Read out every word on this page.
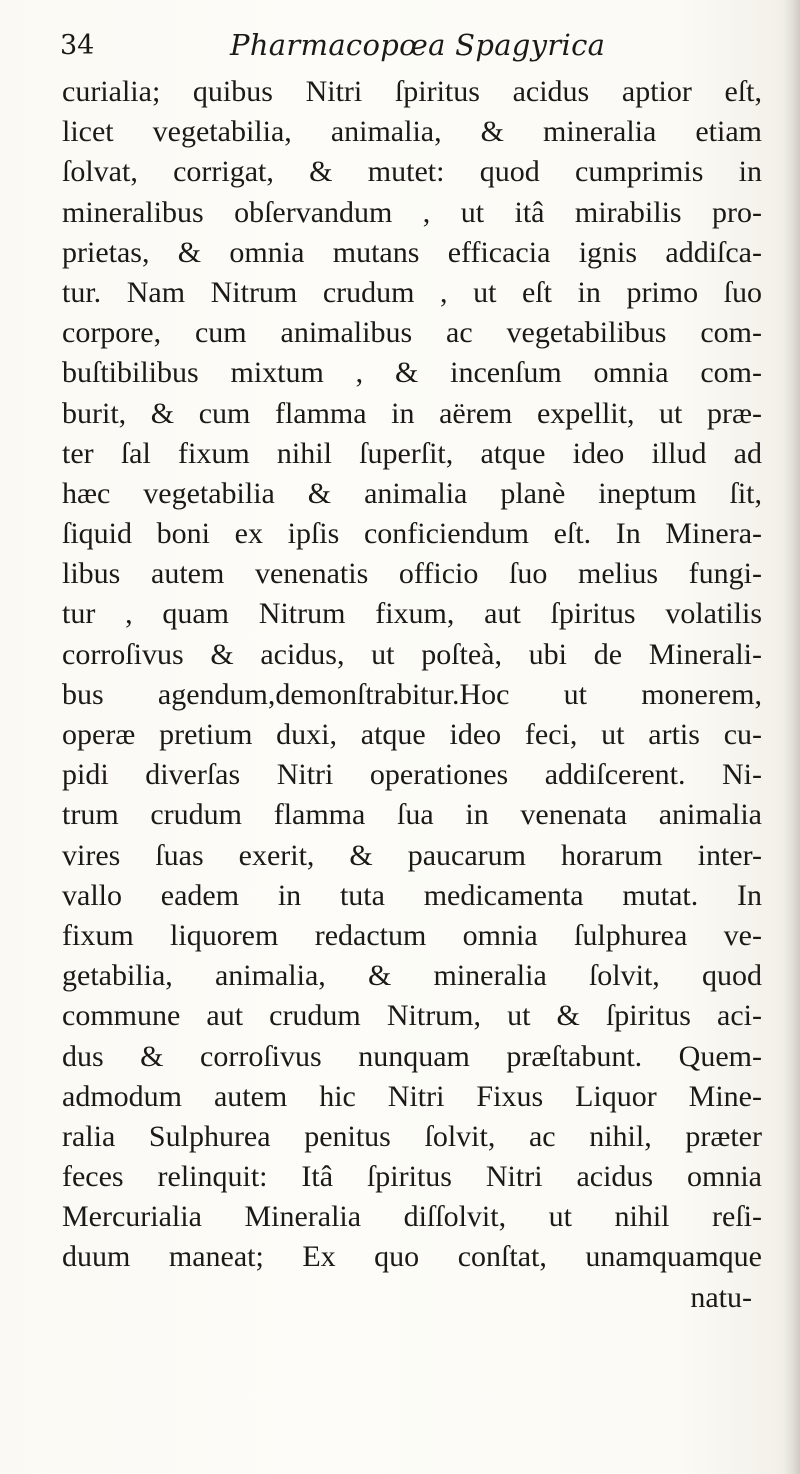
34	Pharmacopœa Spagyrica
curialia; quibus Nitri ſpiritus acidus aptior eſt,
licet vegetabilia, animalia, & mineralia etiam
ſolvat, corrigat, & mutet: quod cumprimis in
mineralibus obſervandum , ut itâ mirabilis pro-
prietas, & omnia mutans efficacia ignis addiſca-
tur. Nam Nitrum crudum , ut eſt in primo ſuo
corpore, cum animalibus ac vegetabilibus com-
buſtibilibus mixtum , & incenſum omnia com-
burit, & cum flamma in aërem expellit, ut præ-
ter ſal fixum nihil ſuperſit, atque ideo illud ad
hæc vegetabilia & animalia planè ineptum ſit,
ſiquid boni ex ipſis conficiendum eſt. In Minera-
libus autem venenatis officio ſuo melius fungi-
tur , quam Nitrum fixum, aut ſpiritus volatilis
corroſivus & acidus, ut poſteà, ubi de Minerali-
bus agendum,demonſtrabitur.Hoc ut monerem,
operæ pretium duxi, atque ideo feci, ut artis cu-
pidi diverſas Nitri operationes addiſcerent. Ni-
trum crudum flamma ſua in venenata animalia
vires ſuas exerit, & paucarum horarum inter-
vallo eadem in tuta medicamenta mutat. In
fixum liquorem redactum omnia ſulphurea ve-
getabilia, animalia, & mineralia ſolvit, quod
commune aut crudum Nitrum, ut & ſpiritus aci-
dus & corroſivus nunquam præſtabunt. Quem-
admodum autem hic Nitri Fixus Liquor Mine-
ralia Sulphurea penitus ſolvit, ac nihil, præter
feces relinquit: Itâ ſpiritus Nitri acidus omnia
Mercurialia Mineralia diſſolvit, ut nihil reſi-
duum maneat; Ex quo conſtat, unamquamque
natu-
